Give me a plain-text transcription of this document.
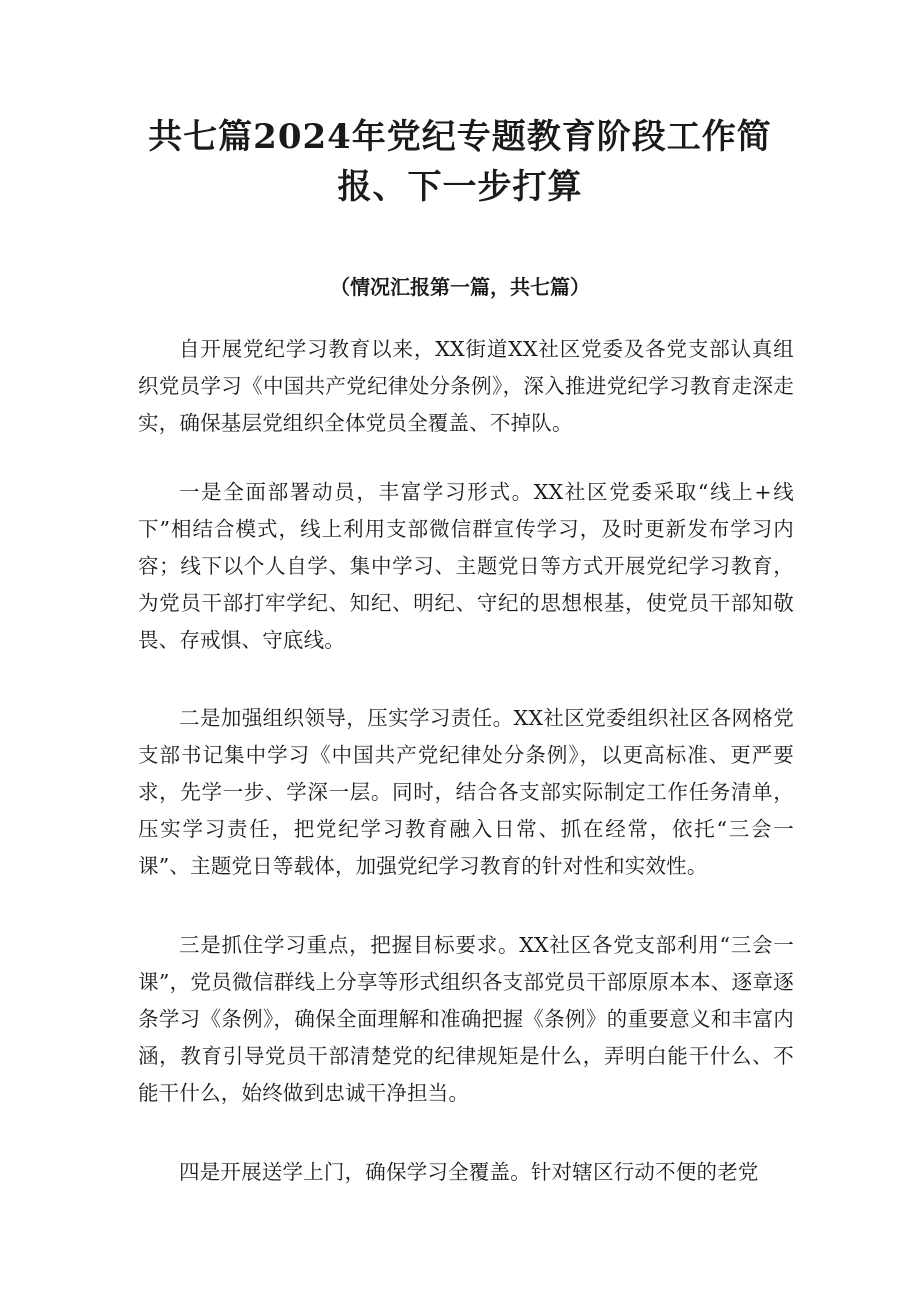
共七篇2024年党纪专题教育阶段工作简报、下一步打算

（情况汇报第一篇，共七篇）

自开展党纪学习教育以来，XX街道XX社区党委及各党支部认真组织党员学习《中国共产党纪律处分条例》，深入推进党纪学习教育走深走实，确保基层党组织全体党员全覆盖、不掉队。

一是全面部署动员，丰富学习形式。XX社区党委采取“线上+线下”相结合模式，线上利用支部微信群宣传学习，及时更新发布学习内容；线下以个人自学、集中学习、主题党日等方式开展党纪学习教育，为党员干部打牢学纪、知纪、明纪、守纪的思想根基，使党员干部知敬畏、存戒惧、守底线。

二是加强组织领导，压实学习责任。XX社区党委组织社区各网格党支部书记集中学习《中国共产党纪律处分条例》，以更高标准、更严要求，先学一步、学深一层。同时，结合各支部实际制定工作任务清单，压实学习责任，把党纪学习教育融入日常、抓在经常，依托“三会一课”、主题党日等载体，加强党纪学习教育的针对性和实效性。

三是抓住学习重点，把握目标要求。XX社区各党支部利用“三会一课”，党员微信群线上分享等形式组织各支部党员干部原原本本、逐章逐条学习《条例》，确保全面理解和准确把握《条例》的重要意义和丰富内涵，教育引导党员干部清楚党的纪律规矩是什么，弄明白能干什么、不能干什么，始终做到忠诚干净担当。

四是开展送学上门，确保学习全覆盖。针对辖区行动不便的老党
